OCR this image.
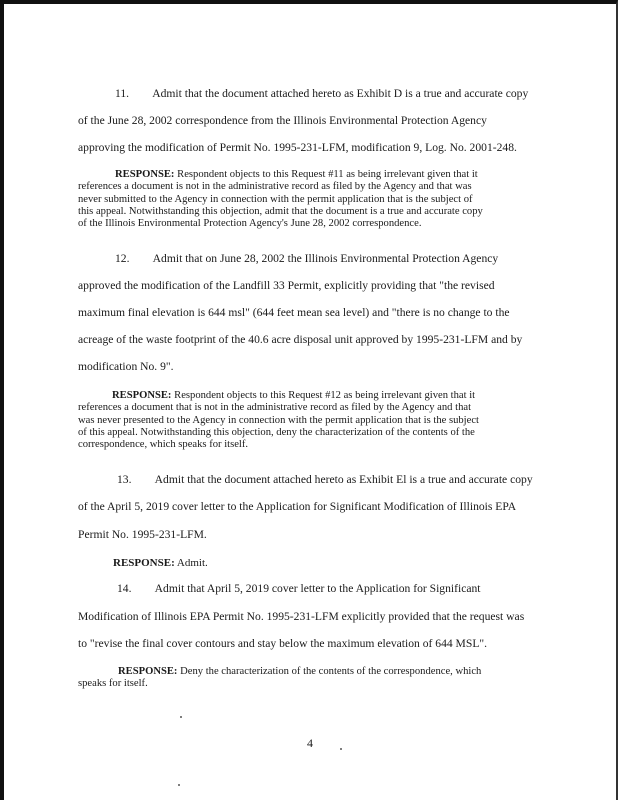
11. Admit that the document attached hereto as Exhibit D is a true and accurate copy
of the June 28, 2002 correspondence from the Illinois Environmental Protection Agency
approving the modification of Permit No. 1995-231-LFM, modification 9, Log. No. 2001-248.

RESPONSE: Respondent objects to this Request #11 as being irrelevant given that it

references a document is not in the administrative record as filed by the Agency and that was

never submitted to the Agency in connection with the permit application that is the subject of

this appeal. Notwithstanding this objection, admit that the document is a true and accurate copy

of the Illinois Environmental Protection Agency's June 28, 2002 correspondence.

12. Admit that on June 28, 2002 the Illinois Environmental Protection Agency
approved the modification of the Landfill 33 Permit, explicitly providing that "the revised
maximum final elevation is 644 msl" (644 feet mean sea level) and "there is no change to the
acreage of the waste footprint of the 40.6 acre disposal unit approved by 1995-231-LFM and by
modification No. 9".

RESPONSE: Respondent objects to this Request #12 as being irrelevant given that it

references a document that is not in the administrative record as filed by the Agency and that

was never presented to the Agency in connection with the permit application that is the subject

of this appeal. Notwithstanding this objection, deny the characterization of the contents of the

correspondence, which speaks for itself.

13. Admit that the document attached hereto as Exhibit El is a true and accurate copy
of the April 5, 2019 cover letter to the Application for Significant Modification of Illinois EPA
Permit No. 1995-231-LFM.
RESPONSE: Admit.
14. Admit that April 5, 2019 cover letter to the Application for Significant
Modification of Illinois EPA Permit No. 1995-231-LFM explicitly provided that the request was
to "revise the final cover contours and stay below the maximum elevation of 644 MSL".

RESPONSE: Deny the characterization of the contents of the correspondence, which

speaks for itself.

4
